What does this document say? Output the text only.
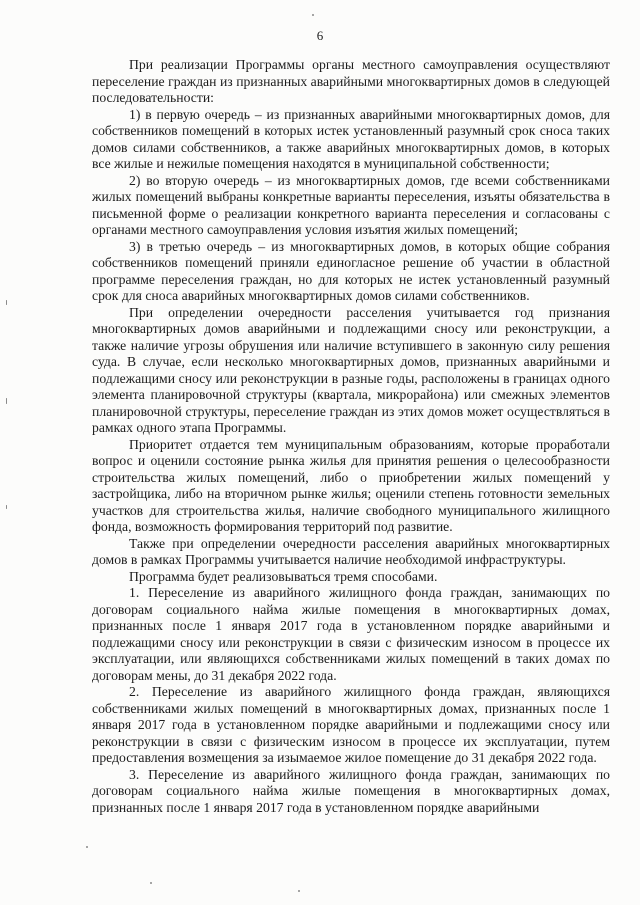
6

При реализации Программы органы местного самоуправления осуществляют переселение граждан из признанных аварийными многоквартирных домов в следующей последовательности:

1) в первую очередь – из признанных аварийными многоквартирных домов, для собственников помещений в которых истек установленный разумный срок сноса таких домов силами собственников, а также аварийных многоквартирных домов, в которых все жилые и нежилые помещения находятся в муниципальной собственности;

2) во вторую очередь – из многоквартирных домов, где всеми собственниками жилых помещений выбраны конкретные варианты переселения, изъяты обязательства в письменной форме о реализации конкретного варианта переселения и согласованы с органами местного самоуправления условия изъятия жилых помещений;

3) в третью очередь – из многоквартирных домов, в которых общие собрания собственников помещений приняли единогласное решение об участии в областной программе переселения граждан, но для которых не истек установленный разумный срок для сноса аварийных многоквартирных домов силами собственников.

При определении очередности расселения учитывается год признания многоквартирных домов аварийными и подлежащими сносу или реконструкции, а также наличие угрозы обрушения или наличие вступившего в законную силу решения суда. В случае, если несколько многоквартирных домов, признанных аварийными и подлежащими сносу или реконструкции в разные годы, расположены в границах одного элемента планировочной структуры (квартала, микрорайона) или смежных элементов планировочной структуры, переселение граждан из этих домов может осуществляться в рамках одного этапа Программы.

Приоритет отдается тем муниципальным образованиям, которые проработали вопрос и оценили состояние рынка жилья для принятия решения о целесообразности строительства жилых помещений, либо о приобретении жилых помещений у застройщика, либо на вторичном рынке жилья; оценили степень готовности земельных участков для строительства жилья, наличие свободного муниципального жилищного фонда, возможность формирования территорий под развитие.

Также при определении очередности расселения аварийных многоквартирных домов в рамках Программы учитывается наличие необходимой инфраструктуры.

Программа будет реализовываться тремя способами.

1. Переселение из аварийного жилищного фонда граждан, занимающих по договорам социального найма жилые помещения в многоквартирных домах, признанных после 1 января 2017 года в установленном порядке аварийными и подлежащими сносу или реконструкции в связи с физическим износом в процессе их эксплуатации, или являющихся собственниками жилых помещений в таких домах по договорам мены, до 31 декабря 2022 года.

2. Переселение из аварийного жилищного фонда граждан, являющихся собственниками жилых помещений в многоквартирных домах, признанных после 1 января 2017 года в установленном порядке аварийными и подлежащими сносу или реконструкции в связи с физическим износом в процессе их эксплуатации, путем предоставления возмещения за изымаемое жилое помещение до 31 декабря 2022 года.

3. Переселение из аварийного жилищного фонда граждан, занимающих по договорам социального найма жилые помещения в многоквартирных домах, признанных после 1 января 2017 года в установленном порядке аварийными
